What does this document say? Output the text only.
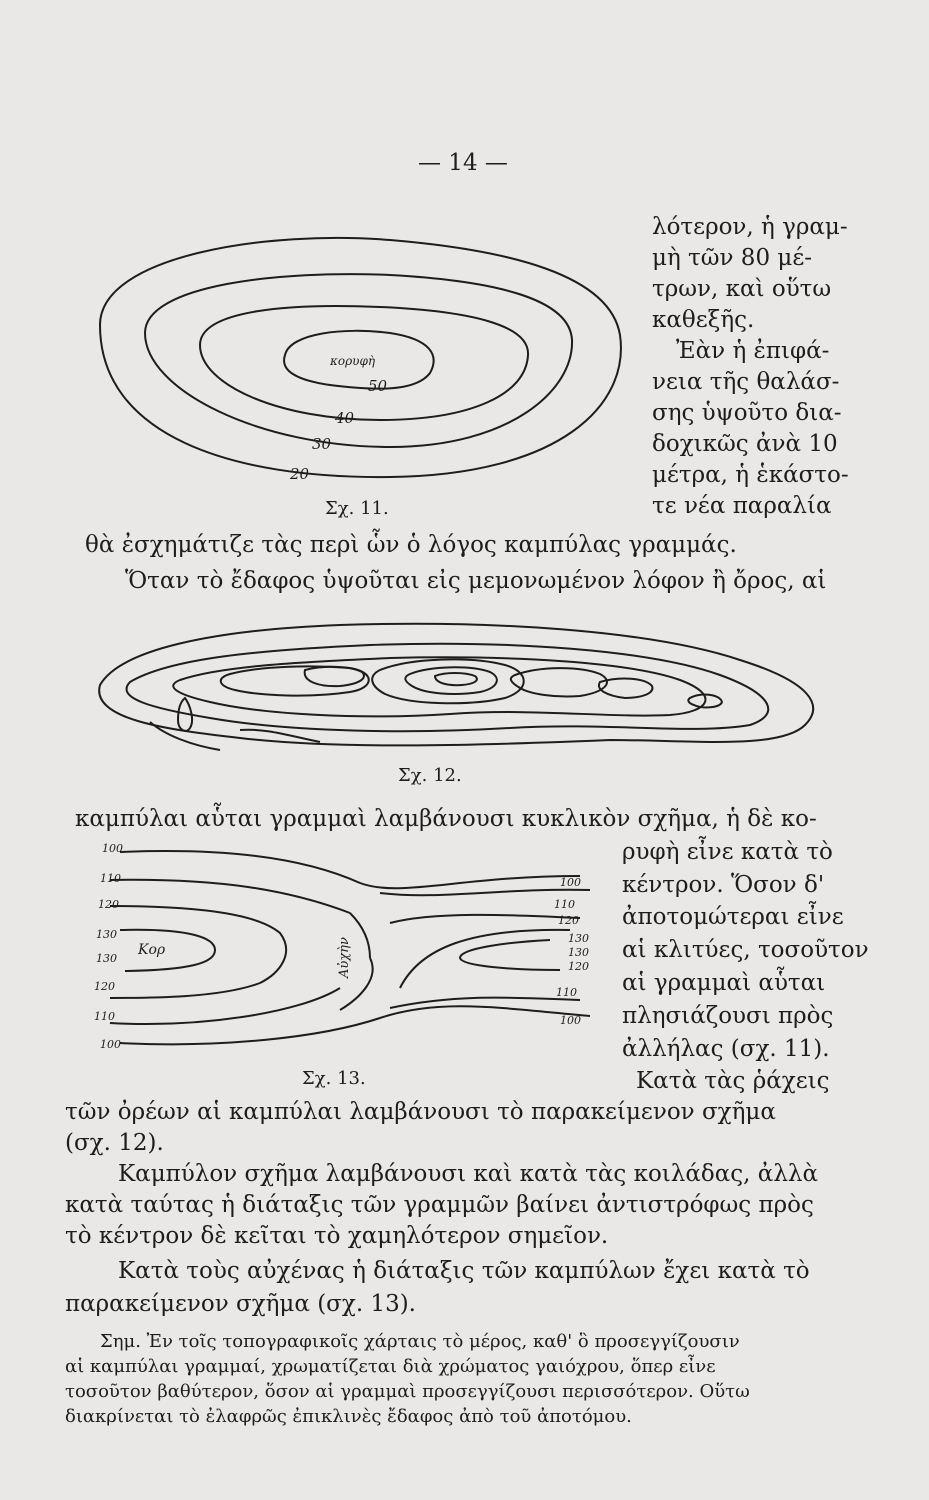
— 14 —
λότερον, ἡ γραμ-
μὴ τῶν 80 μέ-
τρων, καὶ οὕτω
καθεξῆς.
Ἐὰν ἡ ἐπιφά-
νεια τῆς θαλάσ-
σης ὑψοῦτο δια-
δοχικῶς ἀνὰ 10
μέτρα, ἡ ἑκάστο-
τε νέα παραλία
κορυφὴ
50
40
30
20
Σχ. 11.
θὰ ἐσχημάτιζε τὰς περὶ ὧν ὁ λόγος καμπύλας γραμμάς.
Ὅταν τὸ ἔδαφος ὑψοῦται εἰς μεμονωμένον λόφον ἢ ὄρος, αἱ
Σχ. 12.
καμπύλαι αὗται γραμμαὶ λαμβάνουσι κυκλικὸν σχῆμα, ἡ δὲ κο-
ρυφὴ εἶνε κατὰ τὸ
κέντρον. Ὅσον δ'
ἀποτομώτεραι εἶνε
αἱ κλιτύες, τοσοῦτον
αἱ γραμμαὶ αὗται
πλησιάζουσι πρὸς
ἀλλήλας (σχ. 11).
100
110
120
130
130
120
110
100
100
110
120
130
130
120
110
100
Κορ	Αὐχὴν
Σχ. 13.	Κατὰ τὰς ῥάχεις
τῶν ὀρέων αἱ καμπύλαι λαμβάνουσι τὸ παρακείμενον σχῆμα
(σχ. 12).
Καμπύλον σχῆμα λαμβάνουσι καὶ κατὰ τὰς κοιλάδας, ἀλλὰ
κατὰ ταύτας ἡ διάταξις τῶν γραμμῶν βαίνει ἀντιστρόφως πρὸς
τὸ κέντρον δὲ κεῖται τὸ χαμηλότερον σημεῖον.
Κατὰ τοὺς αὐχένας ἡ διάταξις τῶν καμπύλων ἔχει κατὰ τὸ
παρακείμενον σχῆμα (σχ. 13).
Σημ. Ἐν τοῖς τοπογραφικοῖς χάρταις τὸ μέρος, καθ' ὃ προσεγγίζουσιν
αἱ καμπύλαι γραμμαί, χρωματίζεται διὰ χρώματος γαιόχρου, ὅπερ εἶνε
τοσοῦτον βαθύτερον, ὅσον αἱ γραμμαὶ προσεγγίζουσι περισσότερον. Οὕτω
διακρίνεται τὸ ἐλαφρῶς ἐπικλινὲς ἔδαφος ἀπὸ τοῦ ἀποτόμου.
